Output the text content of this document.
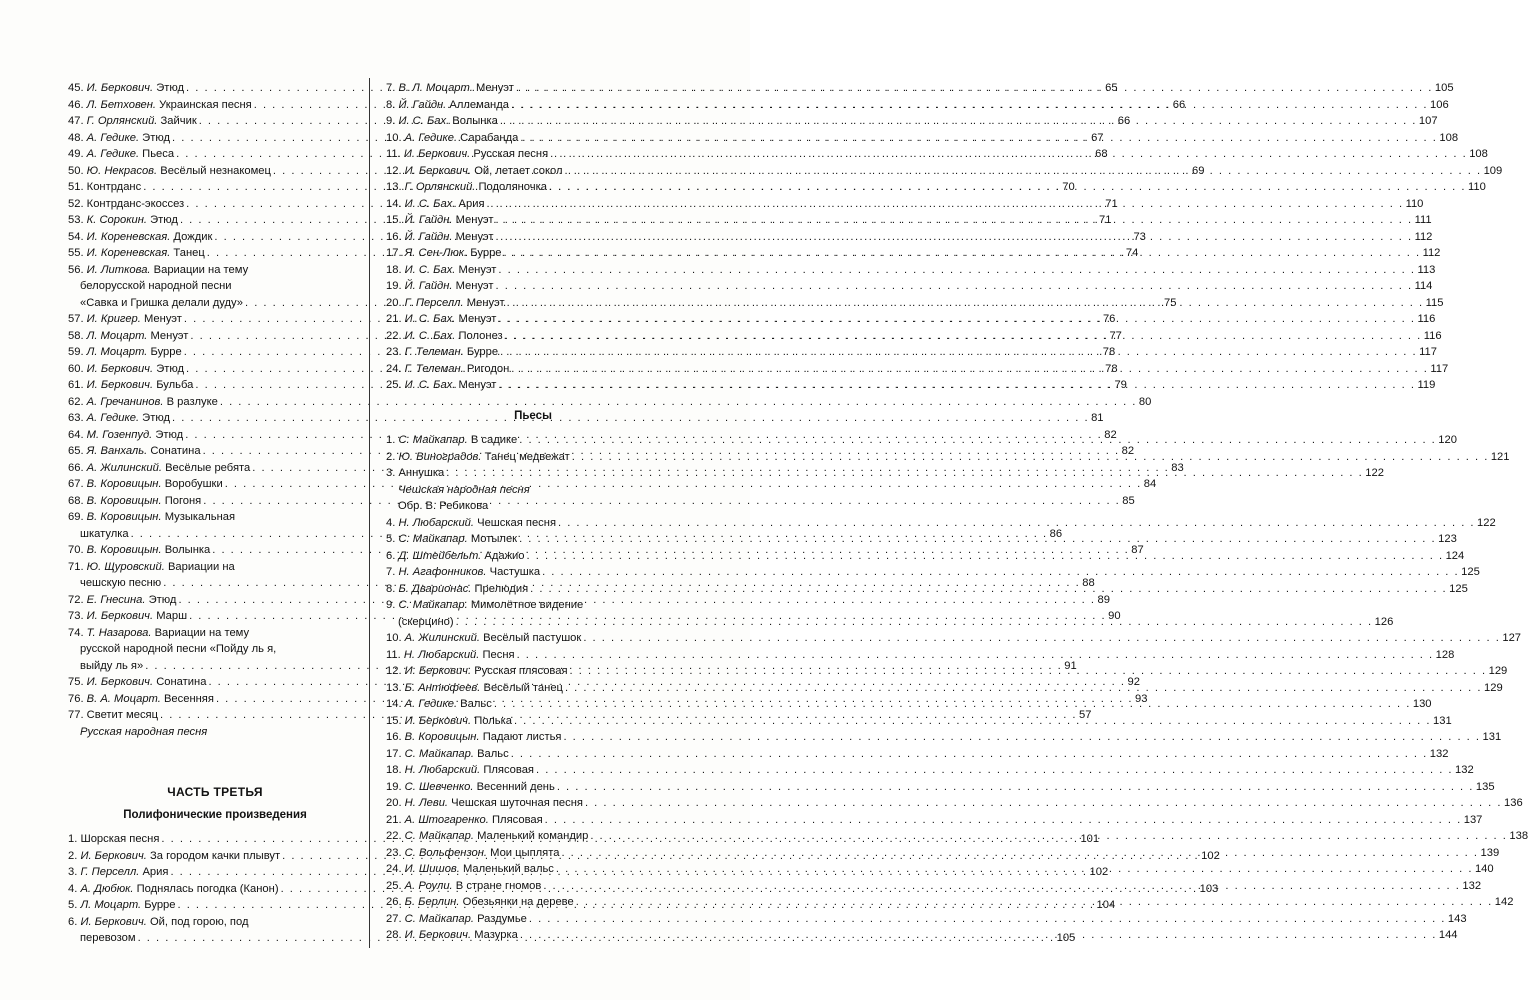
45. И. Беркович. Этюд . . .	65
46. Л. Бетховен. Украинская песня . . .	66
47. Г. Орлянский. Зайчик . . .	66
48. А. Гедике. Этюд . . .	67
49. А. Гедике. Пьеса . . .	68
50. Ю. Некрасов. Весёлый незнакомец . . .	69
51. Контрданс . . .	70
52. Контрданс-экоссез . . .	71
53. К. Сорокин. Этюд . . .	71
54. И. Кореневская. Дождик . . .	73
55. И. Кореневская. Танец . . .	74
56. И. Литкова. Вариации на тему
белорусской народной песни
«Савка и Гришка делали дуду» . . .	75
57. И. Кригер. Менуэт . . .	76
58. Л. Моцарт. Менуэт . . .	77
59. Л. Моцарт. Бурре . . .	78
60. И. Беркович. Этюд . . .	78
61. И. Беркович. Бульба . . .	79
62. А. Гречанинов. В разлуке . . .	80
63. А. Гедике. Этюд . . .	81
64. М. Гозенпуд. Этюд . . .	82
65. Я. Ванхаль. Сонатина . . .	82
66. А. Жилинский. Весёлые ребята . . .	83
67. В. Коровицын. Воробушки . . .	84
68. В. Коровицын. Погоня . . .	85
69. В. Коровицын. Музыкальная
шкатулка . . .	86
70. В. Коровицын. Волынка . . .	87
71. Ю. Щуровский. Вариации на
чешскую песню . . .	88
72. Е. Гнесина. Этюд . . .	89
73. И. Беркович. Марш . . .	90
74. Т. Назарова. Вариации на тему
русской народной песни «Пойду ль я,
выйду ль я» . . .	91
75. И. Беркович. Сонатина . . .	92
76. В. А. Моцарт. Весенняя . . .	93
77. Светит месяц . . .	57
Русская народная песня
ЧАСТЬ ТРЕТЬЯ
Полифонические произведения
1. Шорская песня . . .	101
2. И. Беркович. За городом качки плывут . . .	102
3. Г. Перселл. Ария . . .	102
4. А. Дюбюк. Поднялась погодка (Канон) . . .	103
5. Л. Моцарт. Бурре . . .	104
6. И. Беркович. Ой, под горою, под
перевозом . . .	105
7. В. Л. Моцарт. Менуэт . . .	105
8. Й. Гайдн. Аллеманда . . .	106
9. И. С. Бах. Волынка . . .	107
10. А. Гедике. Сарабанда . . .	108
11. И. Беркович. Русская песня . . .	108
12. И. Беркович. Ой, летает сокол . . .	109
13. Г. Орлянский. Подоляночка . . .	110
14. И. С. Бах. Ария . . .	110
15. Й. Гайдн. Менуэт . . .	111
16. Й. Гайдн. Менуэт . . .	112
17. Я. Сен-Люк. Бурре . . .	112
18. И. С. Бах. Менуэт . . .	113
19. Й. Гайдн. Менуэт . . .	114
20. Г. Перселл. Менуэт . . .	115
21. И. С. Бах. Менуэт . . .	116
22. И. С. Бах. Полонез . . .	116
23. Г. Телеман. Бурре . . .	117
24. Г. Телеман. Ригодон . . .	117
25. И. С. Бах. Менуэт . . .	119
Пьесы
1. С. Майкапар. В садике . . .	120
2. Ю. Виноградов. Танец медвежат . . .	121
3. Аннушка . . .	122
Чешская народная песня
Обр. В. Ребикова
4. Н. Любарский. Чешская песня . . .	122
5. С. Майкапар. Мотылек . . .	123
6. Д. Штейбельт. Адажио . . .	124
7. Н. Агафонников. Частушка . . .	125
8. Б. Дварионас. Прелюдия . . .	125
9. С. Майкапар. Мимолётное видение
(скерцино) . . .	126
10. А. Жилинский. Весёлый пастушок . . .	127
11. Н. Любарский. Песня . . .	128
12. И. Беркович. Русская плясовая . . .	129
13. Б. Антюфеев. Весёлый танец . . .	129
14. А. Гедике. Вальс . . .	130
15. И. Беркович. Полька . . .	131
16. В. Коровицын. Падают листья . . .	131
17. С. Майкапар. Вальс . . .	132
18. Н. Любарский. Плясовая . . .	132
19. С. Шевченко. Весенний день . . .	135
20. Н. Леви. Чешская шуточная песня . . .	136
21. А. Штогаренко. Плясовая . . .	137
22. С. Майкапар. Маленький командир . . .	138
23. С. Вольфензон. Мои цыплята . . .	139
24. И. Шишов. Маленький вальс . . .	140
25. А. Роули. В стране гномов . . .	132
26. Б. Берлин. Обезьянки на дереве . . .	142
27. С. Майкапар. Раздумье . . .	143
28. И. Беркович. Мазурка . . .	144
